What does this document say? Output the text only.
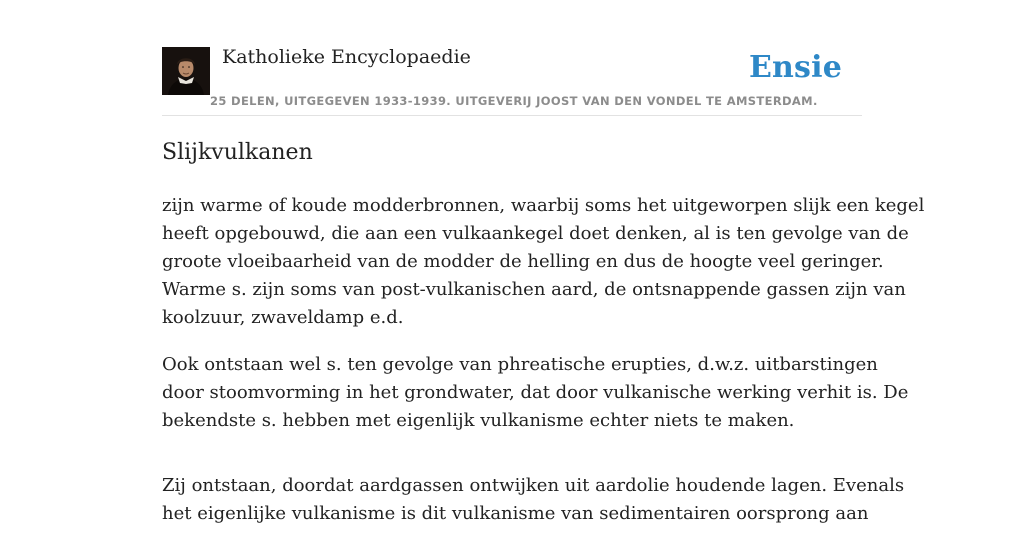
Katholieke Encyclopaedie	Ensie
25 DELEN, UITGEGEVEN 1933-1939. UITGEVERIJ JOOST VAN DEN VONDEL TE AMSTERDAM.
Slijkvulkanen

zijn warme of koude modderbronnen, waarbij soms het uitgeworpen slijk een kegel
heeft opgebouwd, die aan een vulkaankegel doet denken, al is ten gevolge van de
groote vloeibaarheid van de modder de helling en dus de hoogte veel geringer.
Warme s. zijn soms van post-vulkanischen aard, de ontsnappende gassen zijn van
koolzuur, zwaveldamp e.d.

Ook ontstaan wel s. ten gevolge van phreatische erupties, d.w.z. uitbarstingen
door stoomvorming in het grondwater, dat door vulkanische werking verhit is. De
bekendste s. hebben met eigenlijk vulkanisme echter niets te maken.

Zij ontstaan, doordat aardgassen ontwijken uit aardolie houdende lagen. Evenals
het eigenlijke vulkanisme is dit vulkanisme van sedimentairen oorsprong aan
